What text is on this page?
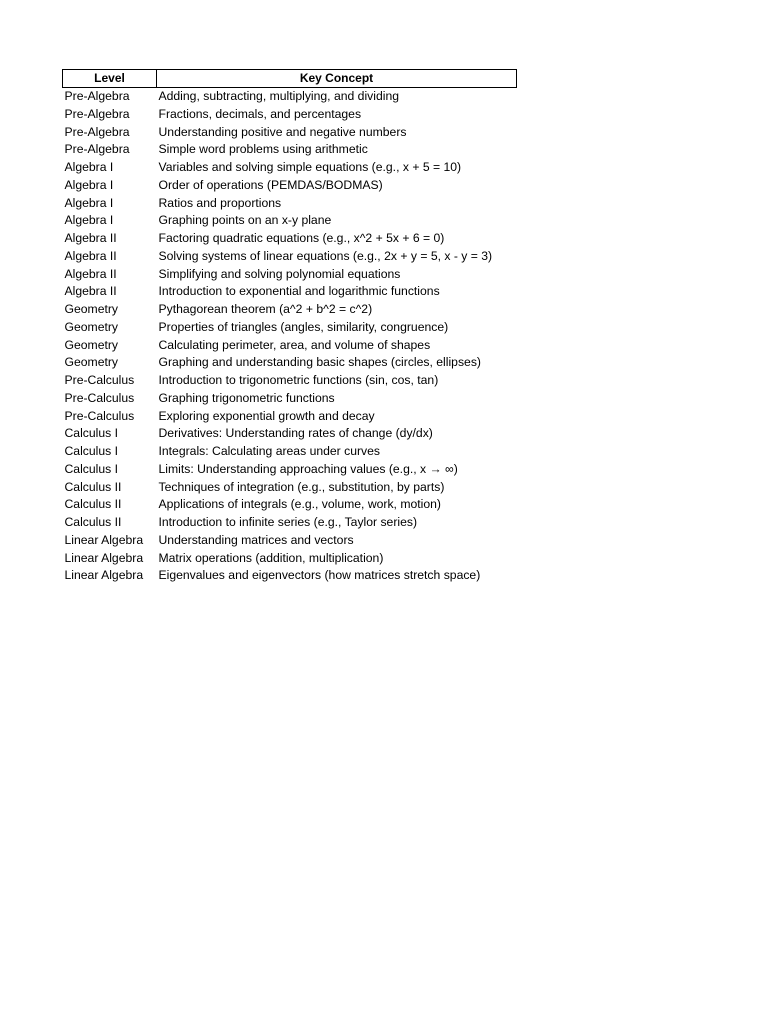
Level	Key Concept
Pre-Algebra	Adding, subtracting, multiplying, and dividing
Pre-Algebra	Fractions, decimals, and percentages
Pre-Algebra	Understanding positive and negative numbers
Pre-Algebra	Simple word problems using arithmetic
Algebra I	Variables and solving simple equations (e.g., x + 5 = 10)
Algebra I	Order of operations (PEMDAS/BODMAS)
Algebra I	Ratios and proportions
Algebra I	Graphing points on an x-y plane
Algebra II	Factoring quadratic equations (e.g., x^2 + 5x + 6 = 0)
Algebra II	Solving systems of linear equations (e.g., 2x + y = 5, x - y = 3)
Algebra II	Simplifying and solving polynomial equations
Algebra II	Introduction to exponential and logarithmic functions
Geometry	Pythagorean theorem (a^2 + b^2 = c^2)
Geometry	Properties of triangles (angles, similarity, congruence)
Geometry	Calculating perimeter, area, and volume of shapes
Geometry	Graphing and understanding basic shapes (circles, ellipses)
Pre-Calculus	Introduction to trigonometric functions (sin, cos, tan)
Pre-Calculus	Graphing trigonometric functions
Pre-Calculus	Exploring exponential growth and decay
Calculus I	Derivatives: Understanding rates of change (dy/dx)
Calculus I	Integrals: Calculating areas under curves
Calculus I	Limits: Understanding approaching values (e.g., x → ∞)
Calculus II	Techniques of integration (e.g., substitution, by parts)
Calculus II	Applications of integrals (e.g., volume, work, motion)
Calculus II	Introduction to infinite series (e.g., Taylor series)
Linear Algebra	Understanding matrices and vectors
Linear Algebra	Matrix operations (addition, multiplication)
Linear Algebra	Eigenvalues and eigenvectors (how matrices stretch space)
